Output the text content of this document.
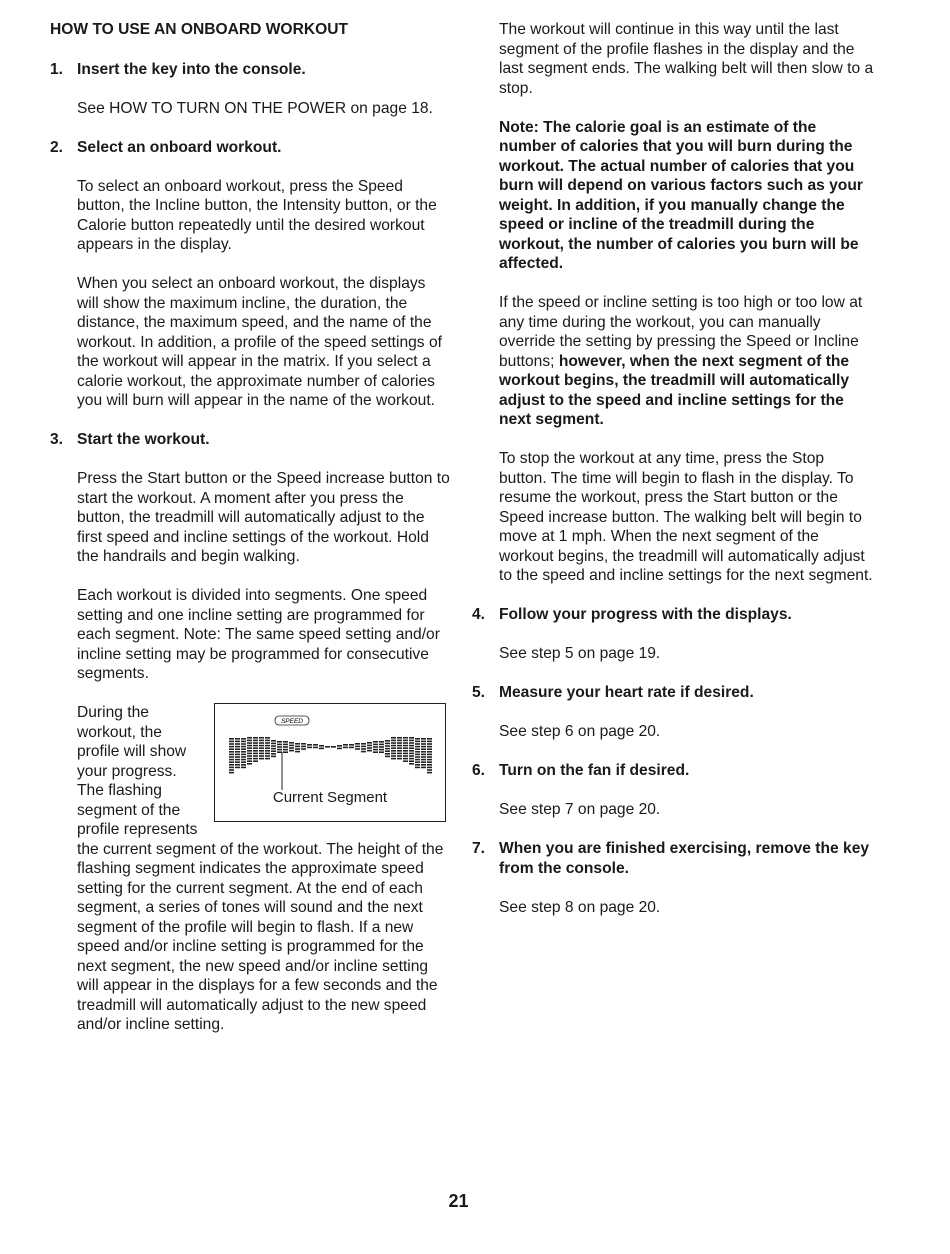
HOW TO USE AN ONBOARD WORKOUT
1. Insert the key into the console.
See HOW TO TURN ON THE POWER on page 18.
2. Select an onboard workout.
To select an onboard workout, press the Speed button, the Incline button, the Intensity button, or the Calorie button repeatedly until the desired workout appears in the display.
When you select an onboard workout, the displays will show the maximum incline, the duration, the distance, the maximum speed, and the name of the workout. In addition, a profile of the speed settings of the workout will appear in the matrix. If you select a calorie workout, the approximate number of calories you will burn will appear in the name of the workout.
3. Start the workout.
Press the Start button or the Speed increase button to start the workout. A moment after you press the button, the treadmill will automatically adjust to the first speed and incline settings of the workout. Hold the handrails and begin walking.
Each workout is divided into segments. One speed setting and one incline setting are programmed for each segment. Note: The same speed setting and/or incline setting may be programmed for consecutive segments.
SPEED
Current Segment
During the workout, the profile will show your progress. The flashing segment of the profile represents the current segment of the workout. The height of the flashing segment indicates the approximate speed setting for the current segment. At the end of each segment, a series of tones will sound and the next segment of the profile will begin to flash. If a new speed and/or incline setting is programmed for the next segment, the new speed and/or incline setting will appear in the displays for a few seconds and the treadmill will automatically adjust to the new speed and/or incline setting.
The workout will continue in this way until the last segment of the profile flashes in the display and the last segment ends. The walking belt will then slow to a stop.
Note: The calorie goal is an estimate of the number of calories that you will burn during the workout. The actual number of calories that you burn will depend on various factors such as your weight. In addition, if you manually change the speed or incline of the treadmill during the workout, the number of calories you burn will be affected.
If the speed or incline setting is too high or too low at any time during the workout, you can manually override the setting by pressing the Speed or Incline buttons; however, when the next segment of the workout begins, the treadmill will automatically adjust to the speed and incline settings for the next segment.
To stop the workout at any time, press the Stop button. The time will begin to flash in the display. To resume the workout, press the Start button or the Speed increase button. The walking belt will begin to move at 1 mph. When the next segment of the workout begins, the treadmill will automatically adjust to the speed and incline settings for the next segment.
4. Follow your progress with the displays.
See step 5 on page 19.
5. Measure your heart rate if desired.
See step 6 on page 20.
6. Turn on the fan if desired.
See step 7 on page 20.
7. When you are finished exercising, remove the key from the console.
See step 8 on page 20.
21
